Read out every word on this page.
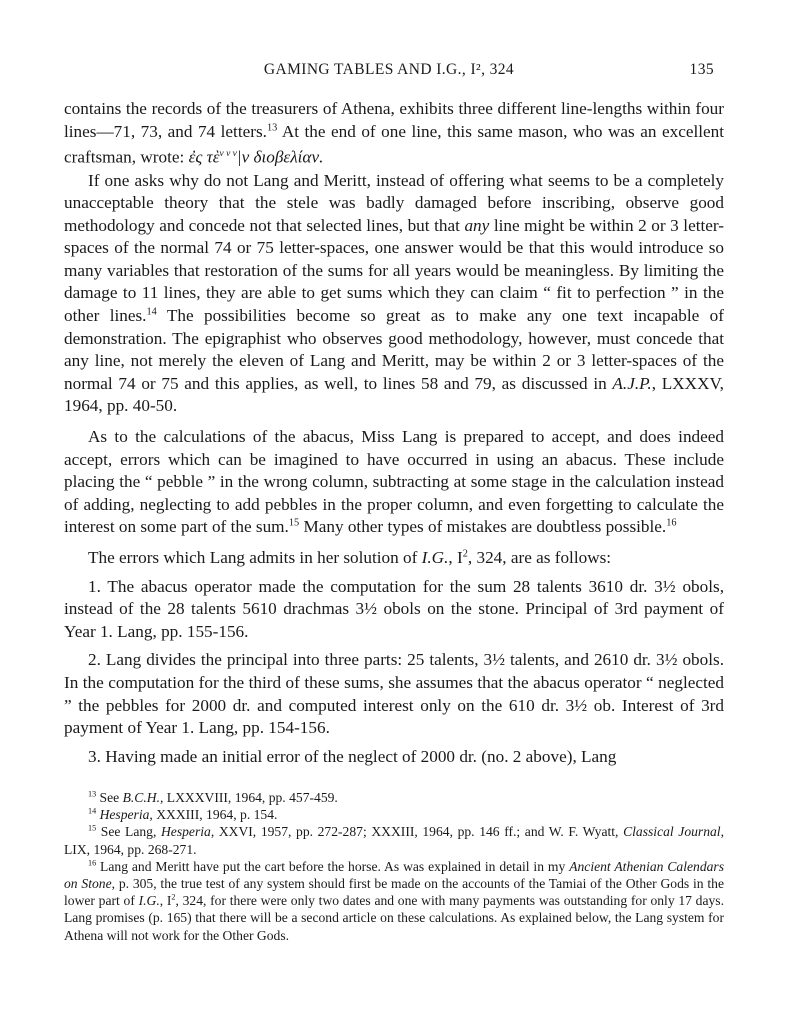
GAMING TABLES AND I.G., I², 324	135

contains the records of the treasurers of Athena, exhibits three different line-lengths within four lines—71, 73, and 74 letters.$^{13}$ At the end of one line, this same mason, who was an excellent craftsman, wrote: ἐς τὲ$^{v v v}$|ν διοβελίαν.

If one asks why do not Lang and Meritt, instead of offering what seems to be a completely unacceptable theory that the stele was badly damaged before inscribing, observe good methodology and concede not that selected lines, but that any line might be within 2 or 3 letter-spaces of the normal 74 or 75 letter-spaces, one answer would be that this would introduce so many variables that restoration of the sums for all years would be meaningless. By limiting the damage to 11 lines, they are able to get sums which they can claim “ fit to perfection ” in the other lines.$^{14}$ The possibilities become so great as to make any one text incapable of demonstration. The epigraphist who observes good methodology, however, must concede that any line, not merely the eleven of Lang and Meritt, may be within 2 or 3 letter-spaces of the normal 74 or 75 and this applies, as well, to lines 58 and 79, as discussed in A.J.P., LXXXV, 1964, pp. 40-50.

As to the calculations of the abacus, Miss Lang is prepared to accept, and does indeed accept, errors which can be imagined to have occurred in using an abacus. These include placing the “ pebble ” in the wrong column, subtracting at some stage in the calculation instead of adding, neglecting to add pebbles in the proper column, and even forgetting to calculate the interest on some part of the sum.$^{15}$ Many other types of mistakes are doubtless possible.$^{16}$

The errors which Lang admits in her solution of I.G., $I^2$, 324, are as follows:

1. The abacus operator made the computation for the sum 28 talents 3610 dr. 3½ obols, instead of the 28 talents 5610 drachmas 3½ obols on the stone. Principal of 3rd payment of Year 1. Lang, pp. 155-156.

2. Lang divides the principal into three parts: 25 talents, 3½ talents, and 2610 dr. 3½ obols. In the computation for the third of these sums, she assumes that the abacus operator “ neglected ” the pebbles for 2000 dr. and computed interest only on the 610 dr. 3½ ob. Interest of 3rd payment of Year 1. Lang, pp. 154-156.

3. Having made an initial error of the neglect of 2000 dr. (no. 2 above), Lang

$^{13}$ See B.C.H., LXXXVIII, 1964, pp. 457-459.

$^{14}$ Hesperia, XXXIII, 1964, p. 154.

$^{15}$ See Lang, Hesperia, XXVI, 1957, pp. 272-287; XXXIII, 1964, pp. 146 ff.; and W. F. Wyatt, Classical Journal, LIX, 1964, pp. 268-271.

$^{16}$ Lang and Meritt have put the cart before the horse. As was explained in detail in my Ancient Athenian Calendars on Stone, p. 305, the true test of any system should first be made on the accounts of the Tamiai of the Other Gods in the lower part of I.G., $I^2$, 324, for there were only two dates and one with many payments was outstanding for only 17 days. Lang promises (p. 165) that there will be a second article on these calculations. As explained below, the Lang system for Athena will not work for the Other Gods.
